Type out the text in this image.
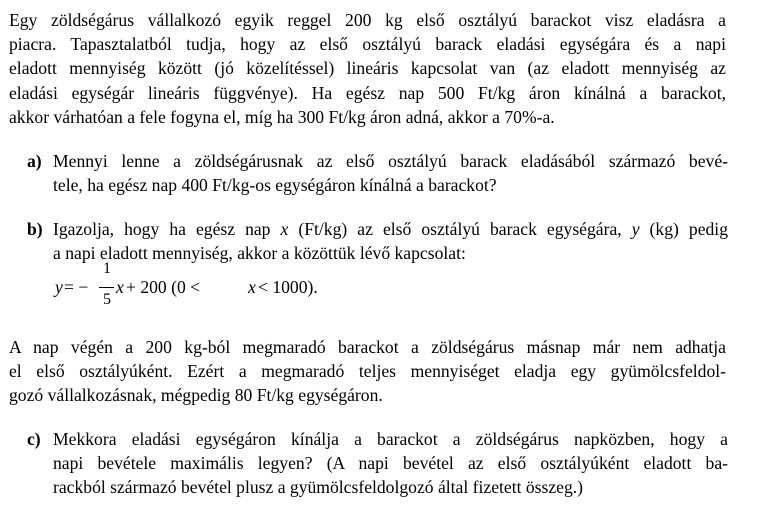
Egy zöldségárus vállalkozó egyik reggel 200 kg első osztályú barackot visz eladásra a
piacra. Tapasztalatból tudja, hogy az első osztályú barack eladási egységára és a napi
eladott mennyiség között (jó közelítéssel) lineáris kapcsolat van (az eladott mennyiség az
eladási egységár lineáris függvénye). Ha egész nap 500 Ft/kg áron kínálná a barackot,
akkor várhatóan a fele fogyna el, míg ha 300 Ft/kg áron adná, akkor a 70%-a.
a) Mennyi lenne a zöldségárusnak az első osztályú barack eladásából származó bevé-
tele, ha egész nap 400 Ft/kg-os egységáron kínálná a barackot?
b) Igazolja, hogy ha egész nap x (Ft/kg) az első osztályú barack egységára, y (kg) pedig
a napi eladott mennyiség, akkor a közöttük lévő kapcsolat:
y = −
1
5
x + 200 (0 <	x < 1000).
A nap végén a 200 kg-ból megmaradó barackot a zöldségárus másnap már nem adhatja
el első osztályúként. Ezért a megmaradó teljes mennyiséget eladja egy gyümölcsfeldol-
gozó vállalkozásnak, mégpedig 80 Ft/kg egységáron.
c) Mekkora eladási egységáron kínálja a barackot a zöldségárus napközben, hogy a
napi bevétele maximális legyen? (A napi bevétel az első osztályúként eladott ba-
rackból származó bevétel plusz a gyümölcsfeldolgozó által fizetett összeg.)
